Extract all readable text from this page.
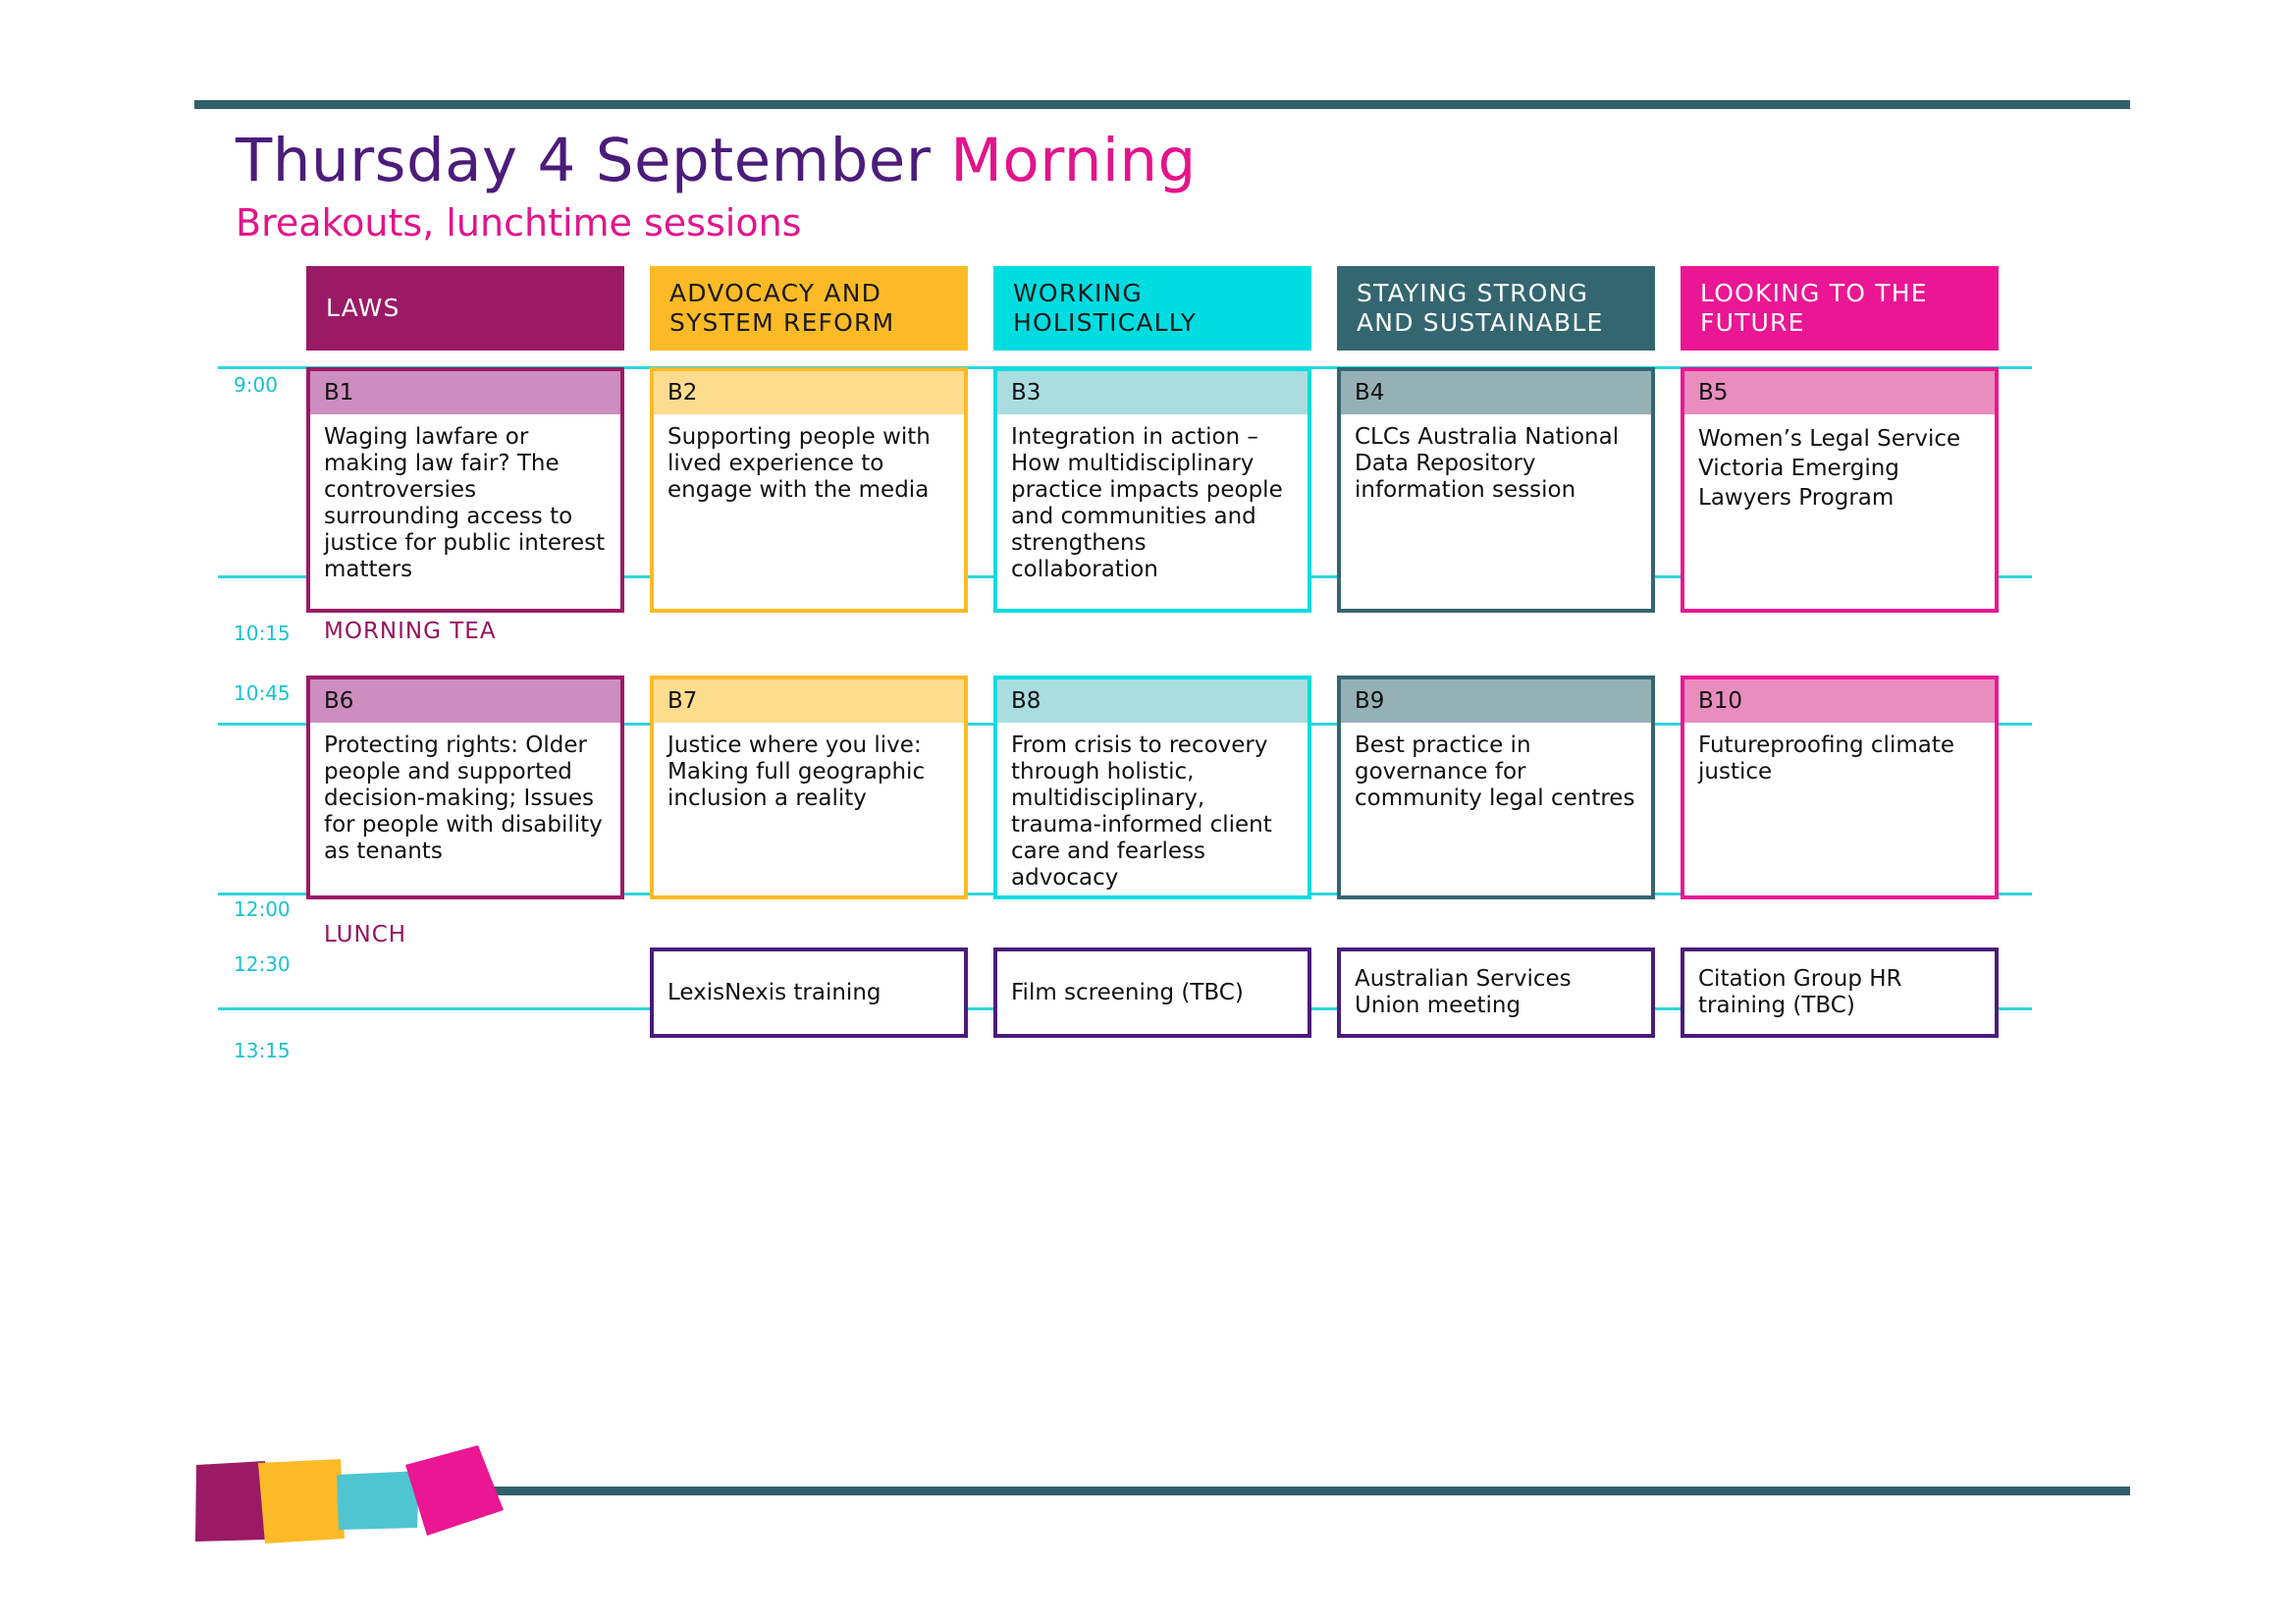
Thursday 4 September Morning
Breakouts, lunchtime sessions
LAWS
ADVOCACY AND SYSTEM REFORM
WORKING HOLISTICALLY
STAYING STRONG AND SUSTAINABLE
LOOKING TO THE FUTURE
9:00
10:15
10:45
12:00
12:30
13:15
MORNING TEA
LUNCH
B1
Waging lawfare or making law fair? The controversies surrounding access to justice for public interest matters
B2
Supporting people with lived experience to engage with the media
B3
Integration in action – How multidisciplinary practice impacts people and communities and strengthens collaboration
B4
CLCs Australia National Data Repository information session
B5
Women’s Legal Service Victoria Emerging Lawyers Program
B6
Protecting rights: Older people and supported decision-making; Issues for people with disability as tenants
B7
Justice where you live: Making full geographic inclusion a reality
B8
From crisis to recovery through holistic, multidisciplinary, trauma-informed client care and fearless advocacy
B9
Best practice in governance for community legal centres
B10
Futureproofing climate justice
LexisNexis training	Film screening (TBC)
Australian Services Union meeting
Citation Group HR training (TBC)
